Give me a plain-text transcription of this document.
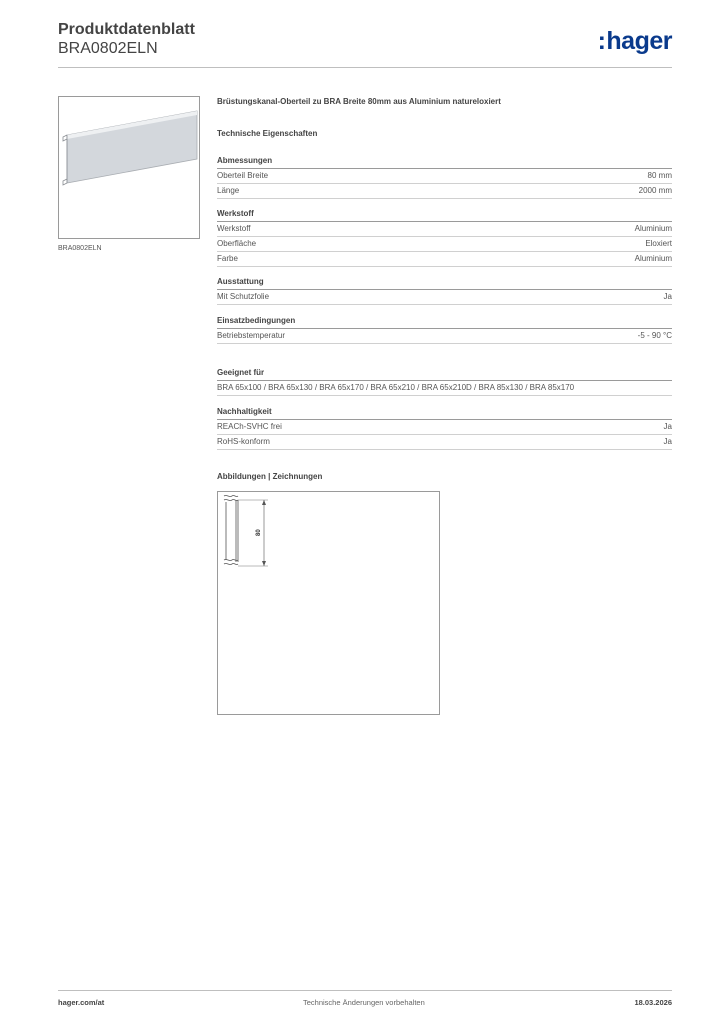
Produktdatenblatt
BRA0802ELN	:hager
BRA0802ELN
Brüstungskanal-Oberteil zu BRA Breite 80mm aus Aluminium natureloxiert
Technische Eigenschaften
Abmessungen
Oberteil Breite	80 mm
Länge	2000 mm
Werkstoff
Werkstoff	Aluminium
Oberfläche	Eloxiert
Farbe	Aluminium
Ausstattung
Mit Schutzfolie	Ja
Einsatzbedingungen
Betriebstemperatur	-5 - 90 °C
Geeignet für
BRA 65x100 / BRA 65x130 / BRA 65x170 / BRA 65x210 / BRA 65x210D / BRA 85x130 / BRA 85x170
Nachhaltigkeit
REACh-SVHC frei	Ja
RoHS-konform	Ja
Abbildungen | Zeichnungen
80
hager.com/at	Technische Änderungen vorbehalten	18.03.2026
